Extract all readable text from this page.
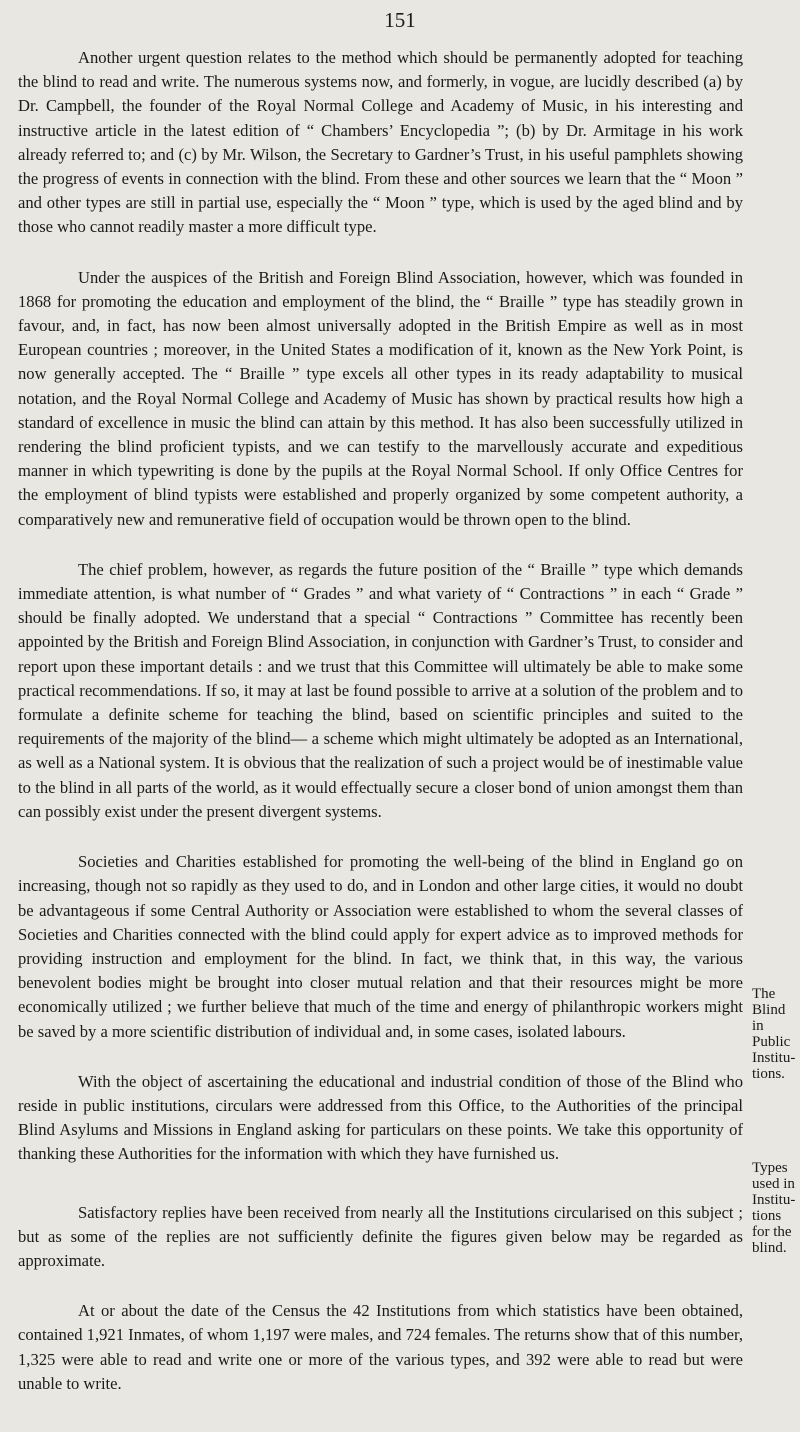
151

Another urgent question relates to the method which should be permanently adopted for teaching the blind to read and write. The numerous systems now, and formerly, in vogue, are lucidly described (a) by Dr. Campbell, the founder of the Royal Normal College and Academy of Music, in his interesting and instructive article in the latest edition of “ Chambers’ Encyclopedia ”; (b) by Dr. Armitage in his work already referred to; and (c) by Mr. Wilson, the Secretary to Gardner’s Trust, in his useful pamphlets showing the progress of events in connection with the blind. From these and other sources we learn that the “ Moon ” and other types are still in partial use, especially the “ Moon ” type, which is used by the aged blind and by those who cannot readily master a more difficult type.

Under the auspices of the British and Foreign Blind Association, however, which was founded in 1868 for promoting the education and employment of the blind, the “ Braille ” type has steadily grown in favour, and, in fact, has now been almost universally adopted in the British Empire as well as in most European countries ; moreover, in the United States a modification of it, known as the New York Point, is now generally accepted. The “ Braille ” type excels all other types in its ready adaptability to musical notation, and the Royal Normal College and Academy of Music has shown by practical results how high a standard of excellence in music the blind can attain by this method. It has also been successfully utilized in rendering the blind proficient typists, and we can testify to the marvellously accurate and expeditious manner in which typewriting is done by the pupils at the Royal Normal School. If only Office Centres for the employment of blind typists were established and properly organized by some competent authority, a comparatively new and remunerative field of occupation would be thrown open to the blind.

The chief problem, however, as regards the future position of the “ Braille ” type which demands immediate attention, is what number of “ Grades ” and what variety of “ Contractions ” in each “ Grade ” should be finally adopted. We understand that a special “ Contractions ” Committee has recently been appointed by the British and Foreign Blind Association, in conjunction with Gardner’s Trust, to consider and report upon these important details : and we trust that this Committee will ultimately be able to make some practical recommendations. If so, it may at last be found possible to arrive at a solution of the problem and to formulate a definite scheme for teaching the blind, based on scientific principles and suited to the requirements of the majority of the blind— a scheme which might ultimately be adopted as an International, as well as a National system. It is obvious that the realization of such a project would be of inestimable value to the blind in all parts of the world, as it would effectually secure a closer bond of union amongst them than can possibly exist under the present divergent systems.

Societies and Charities established for promoting the well-being of the blind in England go on increasing, though not so rapidly as they used to do, and in London and other large cities, it would no doubt be advantageous if some Central Authority or Association were established to whom the several classes of Societies and Charities connected with the blind could apply for expert advice as to improved methods for providing instruction and employment for the blind. In fact, we think that, in this way, the various benevolent bodies might be brought into closer mutual relation and that their resources might be more economically utilized ; we further believe that much of the time and energy of philanthropic workers might be saved by a more scientific distribution of individual and, in some cases, isolated labours.

With the object of ascertaining the educational and industrial condition of those of the Blind who reside in public institutions, circulars were addressed from this Office, to the Authorities of the principal Blind Asylums and Missions in England asking for particulars on these points. We take this opportunity of thanking these Authorities for the information with which they have furnished us.

Satisfactory replies have been received from nearly all the Institutions circularised on this subject ; but as some of the replies are not sufficiently definite the figures given below may be regarded as approximate.

At or about the date of the Census the 42 Institutions from which statistics have been obtained, contained 1,921 Inmates, of whom 1,197 were males, and 724 females. The returns show that of this number, 1,325 were able to read and write one or more of the various types, and 392 were able to read but were unable to write.

The Blind in Public Institu- tions.
Types used in Institu- tions for the blind.
